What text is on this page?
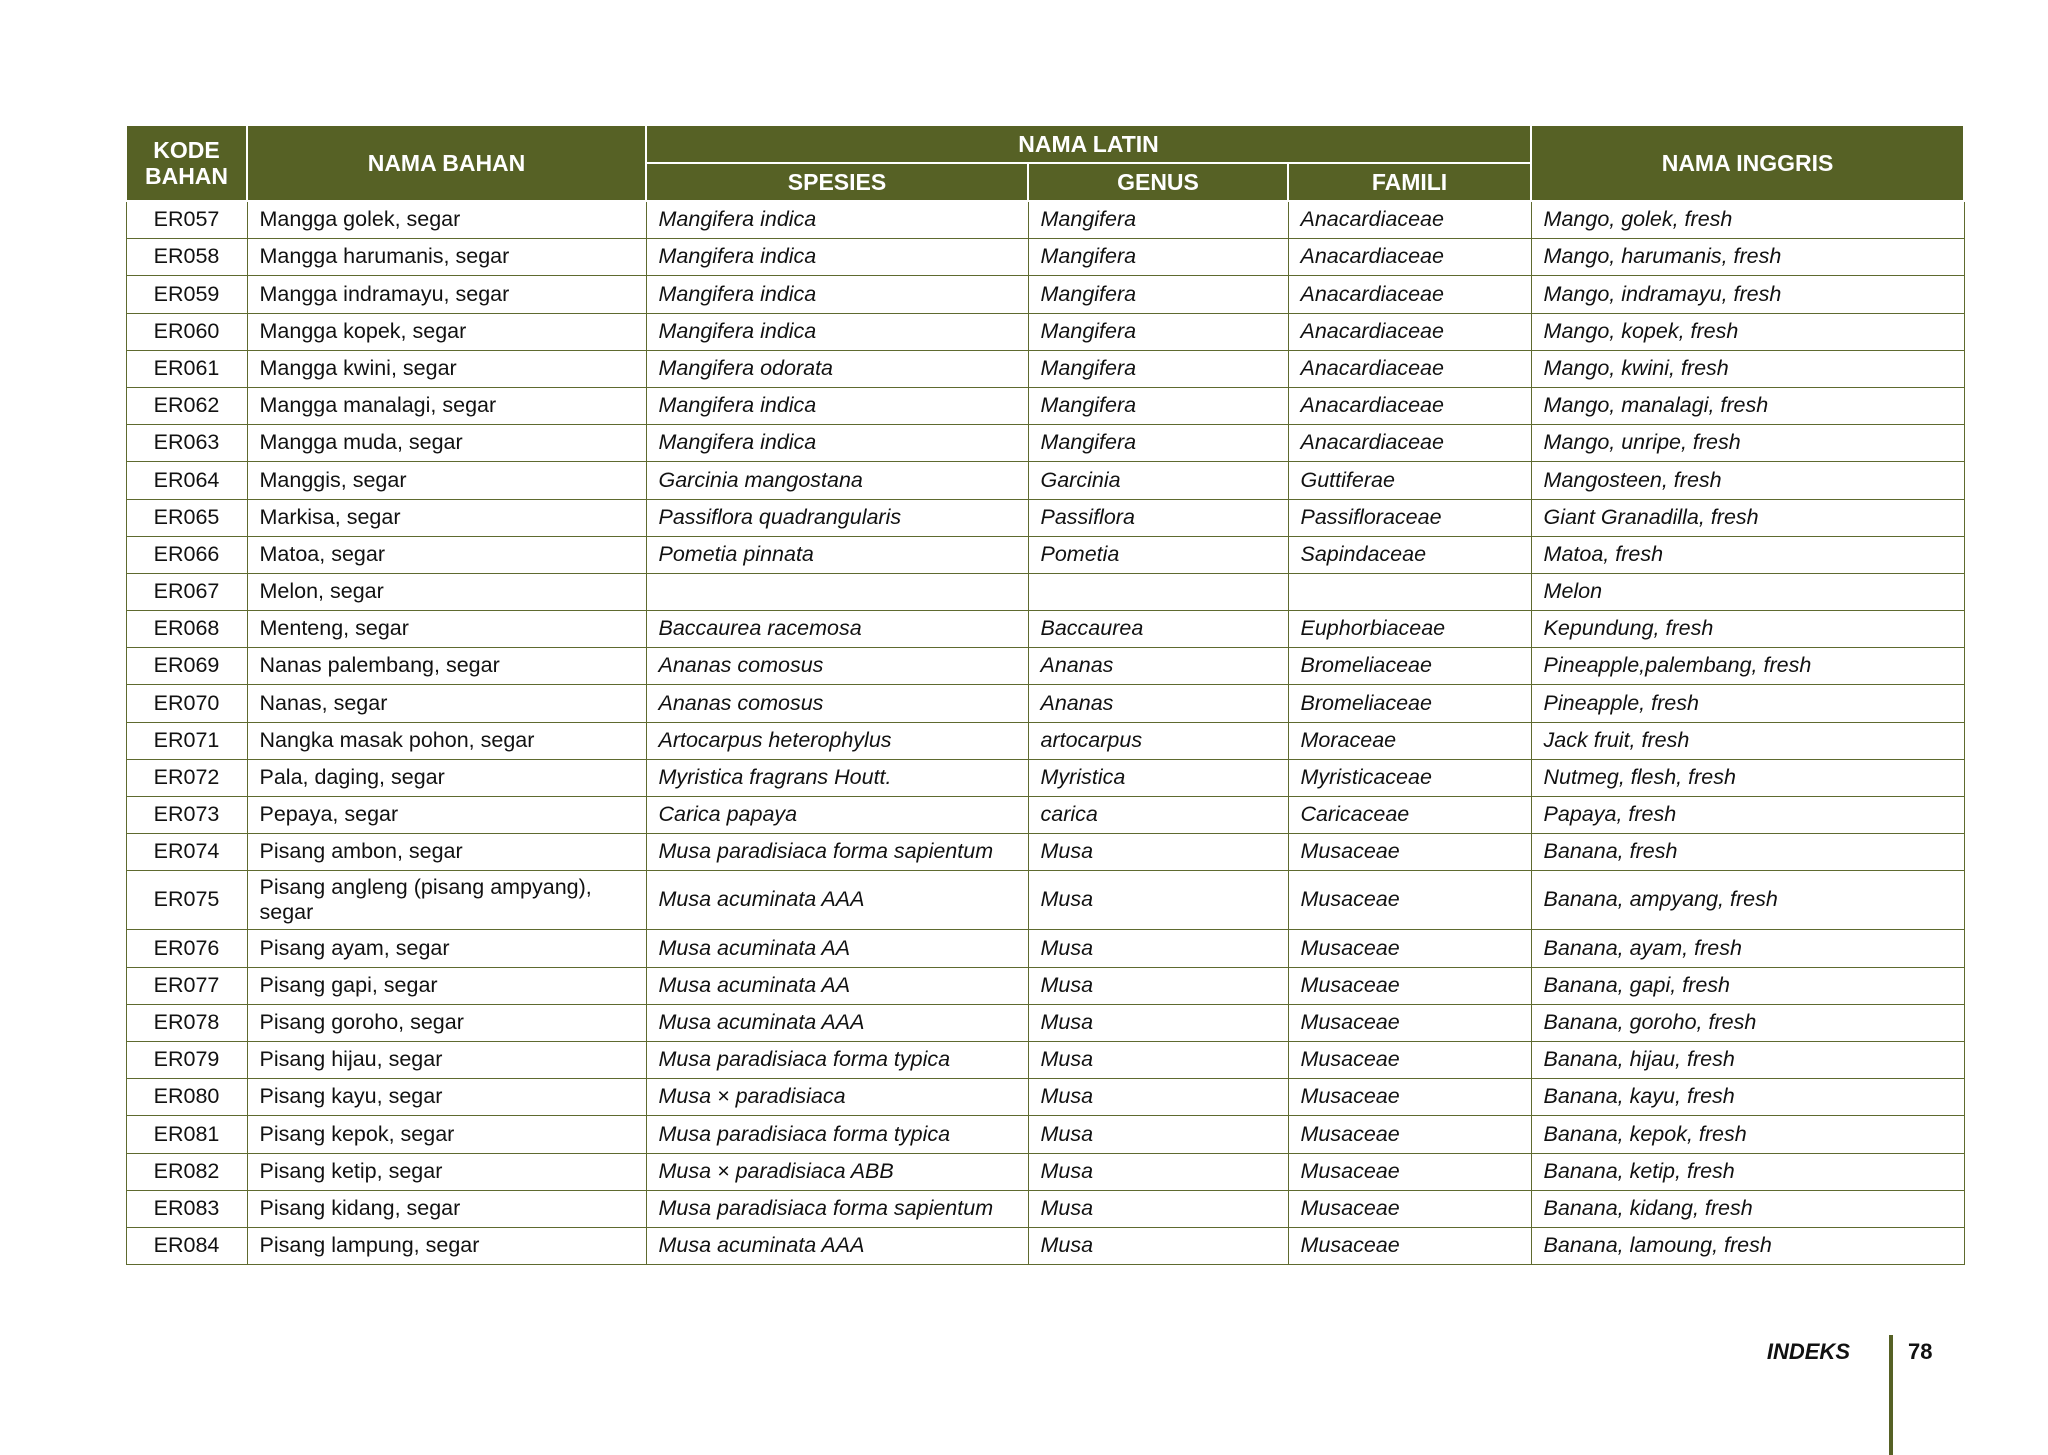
KODE BAHAN	NAMA BAHAN	NAMA LATIN			NAMA INGGRIS
		SPESIES	GENUS	FAMILI	
ER057	Mangga golek, segar	Mangifera indica	Mangifera	Anacardiaceae	Mango, golek, fresh
ER058	Mangga harumanis, segar	Mangifera indica	Mangifera	Anacardiaceae	Mango, harumanis, fresh
ER059	Mangga indramayu, segar	Mangifera indica	Mangifera	Anacardiaceae	Mango, indramayu, fresh
ER060	Mangga kopek, segar	Mangifera indica	Mangifera	Anacardiaceae	Mango, kopek, fresh
ER061	Mangga kwini, segar	Mangifera odorata	Mangifera	Anacardiaceae	Mango, kwini, fresh
ER062	Mangga manalagi, segar	Mangifera indica	Mangifera	Anacardiaceae	Mango, manalagi, fresh
ER063	Mangga muda, segar	Mangifera indica	Mangifera	Anacardiaceae	Mango, unripe, fresh
ER064	Manggis, segar	Garcinia mangostana	Garcinia	Guttiferae	Mangosteen, fresh
ER065	Markisa, segar	Passiflora quadrangularis	Passiflora	Passifloraceae	Giant Granadilla, fresh
ER066	Matoa, segar	Pometia pinnata	Pometia	Sapindaceae	Matoa, fresh
ER067	Melon, segar				Melon
ER068	Menteng, segar	Baccaurea racemosa	Baccaurea	Euphorbiaceae	Kepundung, fresh
ER069	Nanas palembang, segar	Ananas comosus	Ananas	Bromeliaceae	Pineapple,palembang, fresh
ER070	Nanas, segar	Ananas comosus	Ananas	Bromeliaceae	Pineapple, fresh
ER071	Nangka masak pohon, segar	Artocarpus heterophylus	artocarpus	Moraceae	Jack fruit, fresh
ER072	Pala, daging, segar	Myristica fragrans Houtt.	Myristica	Myristicaceae	Nutmeg, flesh, fresh
ER073	Pepaya, segar	Carica papaya	carica	Caricaceae	Papaya, fresh
ER074	Pisang ambon, segar	Musa paradisiaca forma sapientum	Musa	Musaceae	Banana, fresh
ER075	Pisang angleng (pisang ampyang), segar	Musa acuminata AAA	Musa	Musaceae	Banana, ampyang, fresh
ER076	Pisang ayam, segar	Musa acuminata AA	Musa	Musaceae	Banana, ayam, fresh
ER077	Pisang gapi, segar	Musa acuminata AA	Musa	Musaceae	Banana, gapi, fresh
ER078	Pisang goroho, segar	Musa acuminata AAA	Musa	Musaceae	Banana, goroho, fresh
ER079	Pisang hijau, segar	Musa paradisiaca forma typica	Musa	Musaceae	Banana, hijau, fresh
ER080	Pisang kayu, segar	Musa × paradisiaca	Musa	Musaceae	Banana, kayu, fresh
ER081	Pisang kepok, segar	Musa paradisiaca forma typica	Musa	Musaceae	Banana, kepok, fresh
ER082	Pisang ketip, segar	Musa × paradisiaca ABB	Musa	Musaceae	Banana, ketip, fresh
ER083	Pisang kidang, segar	Musa paradisiaca forma sapientum	Musa	Musaceae	Banana, kidang, fresh
ER084	Pisang lampung, segar	Musa acuminata AAA	Musa	Musaceae	Banana, lamoung, fresh
INDEKS	78
